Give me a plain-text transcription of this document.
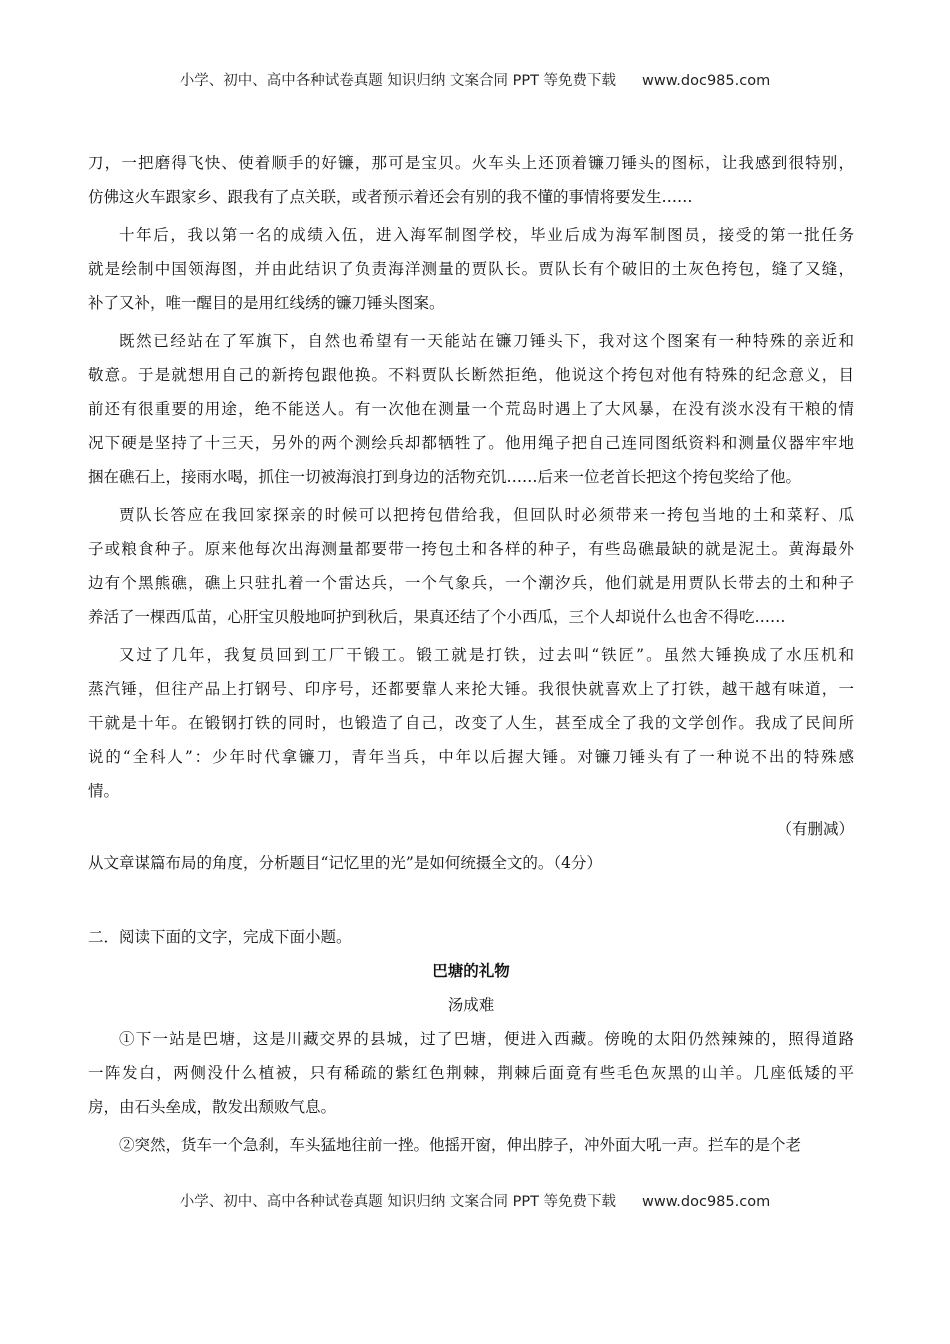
小学、初中、高中各种试卷真题 知识归纳 文案合同 PPT 等免费下载 www.doc985.com
刀，一把磨得飞快、使着顺手的好镰，那可是宝贝。火车头上还顶着镰刀锤头的图标，让我感到很特别，
仿佛这火车跟家乡、跟我有了点关联，或者预示着还会有别的我不懂的事情将要发生……
十年后，我以第一名的成绩入伍，进入海军制图学校，毕业后成为海军制图员，接受的第一批任务
就是绘制中国领海图，并由此结识了负责海洋测量的贾队长。贾队长有个破旧的土灰色挎包，缝了又缝，
补了又补，唯一醒目的是用红线绣的镰刀锤头图案。
既然已经站在了军旗下，自然也希望有一天能站在镰刀锤头下，我对这个图案有一种特殊的亲近和
敬意。于是就想用自己的新挎包跟他换。不料贾队长断然拒绝，他说这个挎包对他有特殊的纪念意义，目
前还有很重要的用途，绝不能送人。有一次他在测量一个荒岛时遇上了大风暴，在没有淡水没有干粮的情
况下硬是坚持了十三天，另外的两个测绘兵却都牺牲了。他用绳子把自己连同图纸资料和测量仪器牢牢地
捆在礁石上，接雨水喝，抓住一切被海浪打到身边的活物充饥……后来一位老首长把这个挎包奖给了他。
贾队长答应在我回家探亲的时候可以把挎包借给我，但回队时必须带来一挎包当地的土和菜籽、瓜
子或粮食种子。原来他每次出海测量都要带一挎包土和各样的种子，有些岛礁最缺的就是泥土。黄海最外
边有个黑熊礁，礁上只驻扎着一个雷达兵，一个气象兵，一个潮汐兵，他们就是用贾队长带去的土和种子
养活了一棵西瓜苗，心肝宝贝般地呵护到秋后，果真还结了个小西瓜，三个人却说什么也舍不得吃……
又过了几年，我复员回到工厂干锻工。锻工就是打铁，过去叫“铁匠”。虽然大锤换成了水压机和
蒸汽锤，但往产品上打钢号、印序号，还都要靠人来抡大锤。我很快就喜欢上了打铁，越干越有味道，一
干就是十年。在锻钢打铁的同时，也锻造了自己，改变了人生，甚至成全了我的文学创作。我成了民间所
说的“全科人”：少年时代拿镰刀，青年当兵，中年以后握大锤。对镰刀锤头有了一种说不出的特殊感
情。
（有删减）
从文章谋篇布局的角度，分析题目“记忆里的光”是如何统摄全文的。（4分）
二．阅读下面的文字，完成下面小题。
巴塘的礼物
汤成难
①下一站是巴塘，这是川藏交界的县城，过了巴塘，便进入西藏。傍晚的太阳仍然辣辣的，照得道路
一阵发白，两侧没什么植被，只有稀疏的紫红色荆棘，荆棘后面竟有些毛色灰黑的山羊。几座低矮的平
房，由石头垒成，散发出颓败气息。
②突然，货车一个急刹，车头猛地往前一挫。他摇开窗，伸出脖子，冲外面大吼一声。拦车的是个老
小学、初中、高中各种试卷真题 知识归纳 文案合同 PPT 等免费下载 www.doc985.com
